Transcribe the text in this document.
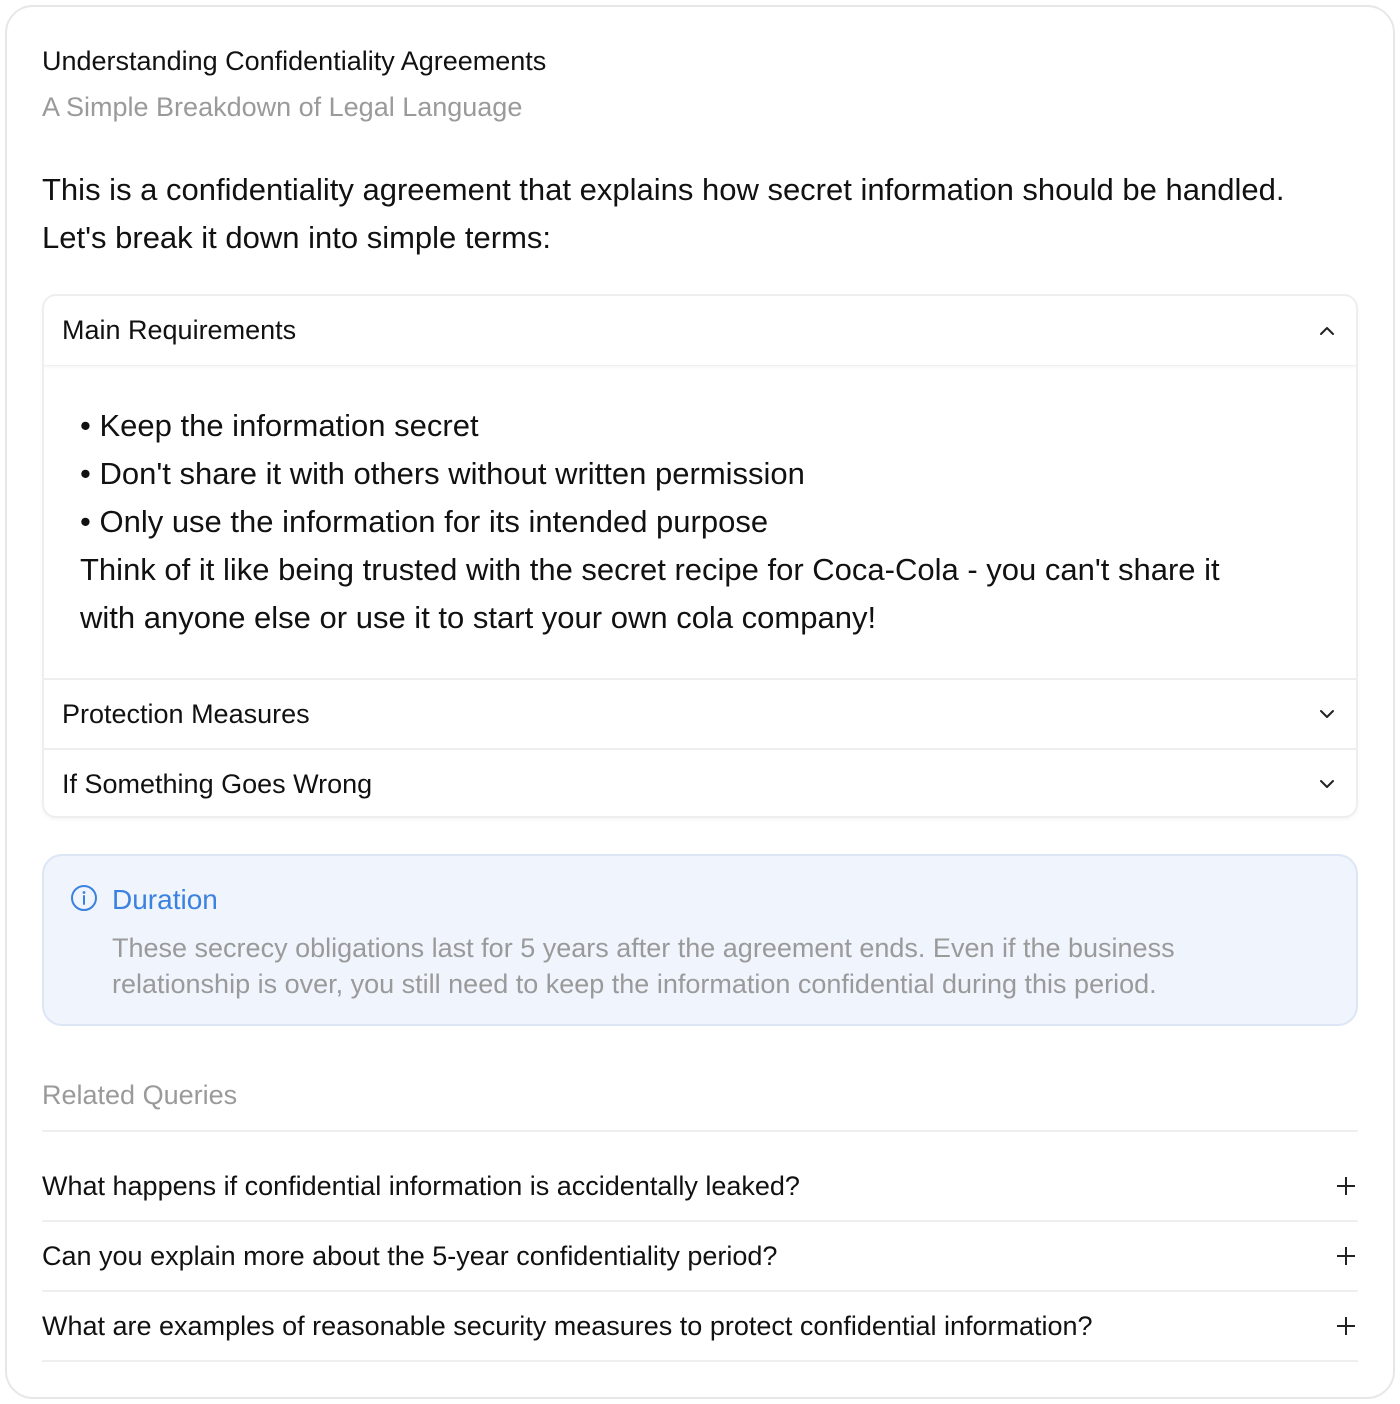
Understanding Confidentiality Agreements
A Simple Breakdown of Legal Language
This is a confidentiality agreement that explains how secret information should be handled.
Let's break it down into simple terms:
Main Requirements
• Keep the information secret
• Don't share it with others without written permission
• Only use the information for its intended purpose
Think of it like being trusted with the secret recipe for Coca-Cola - you can't share it
with anyone else or use it to start your own cola company!
Protection Measures
If Something Goes Wrong
Duration
These secrecy obligations last for 5 years after the agreement ends. Even if the business
relationship is over, you still need to keep the information confidential during this period.
Related Queries
What happens if confidential information is accidentally leaked?
Can you explain more about the 5-year confidentiality period?
What are examples of reasonable security measures to protect confidential information?
